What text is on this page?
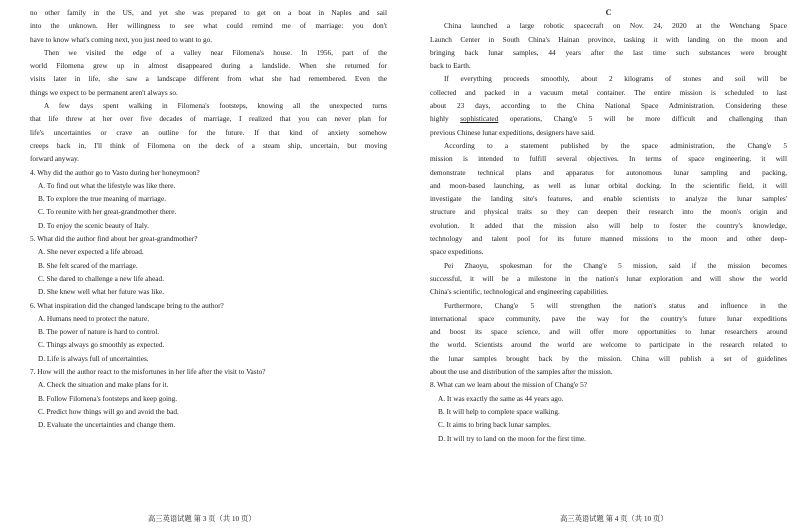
no other family in the US, and yet she was prepared to get on a boat in Naples and sail
into the unknown. Her willingness to see what could remind me of marriage: you don't
have to know what's coming next, you just need to want to go.
Then we visited the edge of a valley near Filomena's house. In 1956, part of the
world Filomena grew up in almost disappeared during a landslide. When she returned for
visits later in life, she saw a landscape different from what she had remembered. Even the
things we expect to be permanent aren't always so.
A few days spent walking in Filomena's footsteps, knowing all the unexpected turns
that life threw at her over five decades of marriage, I realized that you can never plan for
life's uncertainties or crave an outline for the future. If that kind of anxiety somehow
creeps back in, I'll think of Filomena on the deck of a steam ship, uncertain, but moving
forward anyway.
4. Why did the author go to Vasto during her honeymoon?
A. To find out what the lifestyle was like there.
B. To explore the true meaning of marriage.
C. To reunite with her great-grandmother there.
D. To enjoy the scenic beauty of Italy.
5. What did the author find about her great-grandmother?
A. She never expected a life abroad.
B. She felt scared of the marriage.
C. She dared to challenge a new life ahead.
D. She knew well what her future was like.
6. What inspiration did the changed landscape bring to the author?
A. Humans need to protect the nature.
B. The power of nature is hard to control.
C. Things always go smoothly as expected.
D. Life is always full of uncertainties.
7. How will the author react to the misfortunes in her life after the visit to Vasto?
A. Check the situation and make plans for it.
B. Follow Filomena's footsteps and keep going.
C. Predict how things will go and avoid the bad.
D. Evaluate the uncertainties and change them.
C
China launched a large robotic spacecraft on Nov. 24, 2020 at the Wenchang Space
Launch Center in South China's Hainan province, tasking it with landing on the moon and
bringing back lunar samples, 44 years after the last time such substances were brought
back to Earth.
If everything proceeds smoothly, about 2 kilograms of stones and soil will be
collected and packed in a vacuum metal container. The entire mission is scheduled to last
about 23 days, according to the China National Space Administration. Considering these
highly sophisticated operations, Chang'e 5 will be more difficult and challenging than
previous Chinese lunar expeditions, designers have said.
According to a statement published by the space administration, the Chang'e 5
mission is intended to fulfill several objectives. In terms of space engineering, it will
demonstrate technical plans and apparatus for autonomous lunar sampling and packing,
and moon-based launching, as well as lunar orbital docking. In the scientific field, it will
investigate the landing site's features, and enable scientists to analyze the lunar samples'
structure and physical traits so they can deepen their research into the moon's origin and
evolution. It added that the mission also will help to foster the country's knowledge,
technology and talent pool for its future manned missions to the moon and other deep-
space expeditions.
Pei Zhaoyu, spokesman for the Chang'e 5 mission, said if the mission becomes
successful, it will be a milestone in the nation's lunar exploration and will show the world
China's scientific, technological and engineering capabilities.
Furthermore, Chang'e 5 will strengthen the nation's status and influence in the
international space community, pave the way for the country's future lunar expeditions
and boost its space science, and will offer more opportunities to lunar researchers around
the world. Scientists around the world are welcome to participate in the research related to
the lunar samples brought back by the mission. China will publish a set of guidelines
about the use and distribution of the samples after the mission.
8. What can we learn about the mission of Chang'e 5?
A. It was exactly the same as 44 years ago.
B. It will help to complete space walking.
C. It aims to bring back lunar samples.
D. It will try to land on the moon for the first time.
高三英语试题 第 3 页（共 10 页）	高三英语试题 第 4 页（共 10 页）
